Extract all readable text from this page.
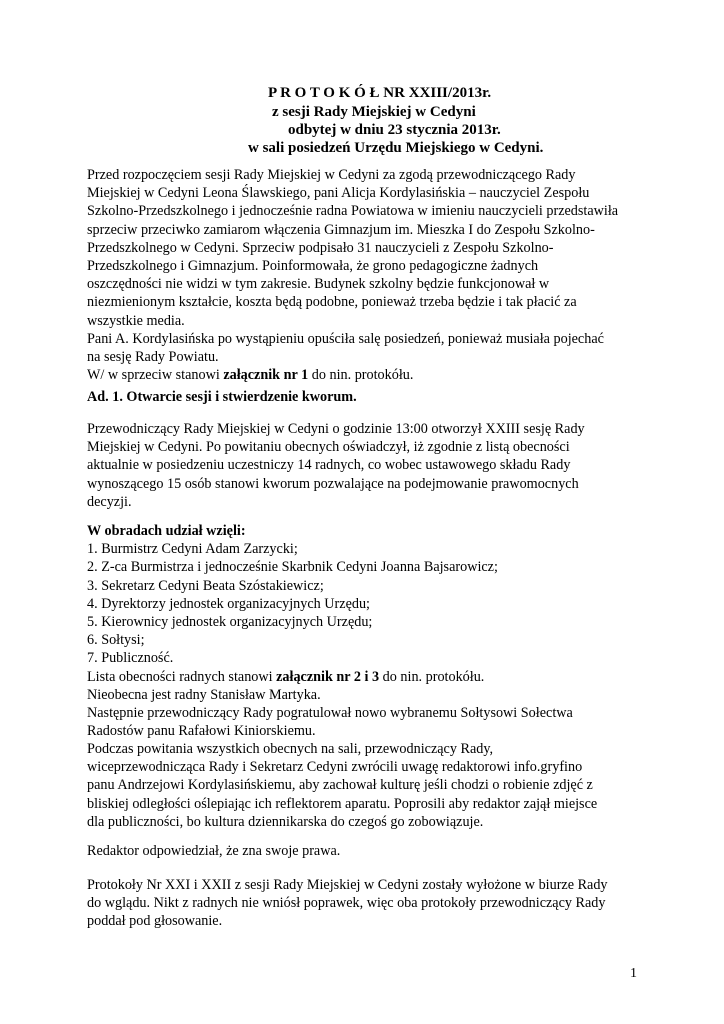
P R O T O K Ó Ł NR XXIII/2013r.
z sesji Rady Miejskiej w Cedyni
odbytej w dniu 23 stycznia 2013r.
w sali posiedzeń Urzędu Miejskiego w Cedyni.
Przed rozpoczęciem sesji Rady Miejskiej w Cedyni za zgodą przewodniczącego Rady
Miejskiej w Cedyni Leona Ślawskiego, pani Alicja Kordylasińskia – nauczyciel Zespołu
Szkolno-Przedszkolnego i jednocześnie radna Powiatowa w imieniu nauczycieli przedstawiła
sprzeciw przeciwko zamiarom włączenia Gimnazjum im. Mieszka I do Zespołu Szkolno-
Przedszkolnego w Cedyni. Sprzeciw podpisało 31 nauczycieli z Zespołu Szkolno-
Przedszkolnego i Gimnazjum. Poinformowała, że grono pedagogiczne żadnych
oszczędności nie widzi w tym zakresie. Budynek szkolny będzie funkcjonował w
niezmienionym kształcie, koszta będą podobne, ponieważ trzeba będzie i tak płacić za
wszystkie media.
Pani A. Kordylasińska po wystąpieniu opuściła salę posiedzeń, ponieważ musiała pojechać
na sesję Rady Powiatu.
W/ w sprzeciw stanowi załącznik nr 1 do nin. protokółu.
Ad. 1. Otwarcie sesji i stwierdzenie kworum.
Przewodniczący Rady Miejskiej w Cedyni o godzinie 13:00 otworzył XXIII sesję Rady
Miejskiej w Cedyni. Po powitaniu obecnych oświadczył, iż zgodnie z listą obecności
aktualnie w posiedzeniu uczestniczy 14 radnych, co wobec ustawowego składu Rady
wynoszącego 15 osób stanowi kworum pozwalające na podejmowanie prawomocnych
decyzji.
W obradach udział wzięli:
1. Burmistrz Cedyni Adam Zarzycki;
2. Z-ca Burmistrza i jednocześnie Skarbnik Cedyni Joanna Bajsarowicz;
3. Sekretarz Cedyni Beata Szóstakiewicz;
4. Dyrektorzy jednostek organizacyjnych Urzędu;
5. Kierownicy jednostek organizacyjnych Urzędu;
6. Sołtysi;
7. Publiczność.
Lista obecności radnych stanowi załącznik nr 2 i 3 do nin. protokółu.
Nieobecna jest radny Stanisław Martyka.
Następnie przewodniczący Rady pogratulował nowo wybranemu Sołtysowi Sołectwa
Radostów panu Rafałowi Kiniorskiemu.
Podczas powitania wszystkich obecnych na sali, przewodniczący Rady,
wiceprzewodnicząca Rady i Sekretarz Cedyni zwrócili uwagę redaktorowi info.gryfino
panu Andrzejowi Kordylasińskiemu, aby zachował kulturę jeśli chodzi o robienie zdjęć z
bliskiej odległości oślepiając ich reflektorem aparatu. Poprosili aby redaktor zajął miejsce
dla publiczności, bo kultura dziennikarska do czegoś go zobowiązuje.
Redaktor odpowiedział, że zna swoje prawa.
Protokoły Nr XXI i XXII z sesji Rady Miejskiej w Cedyni zostały wyłożone w biurze Rady
do wglądu. Nikt z radnych nie wniósł poprawek, więc oba protokoły przewodniczący Rady
poddał pod głosowanie.
1
